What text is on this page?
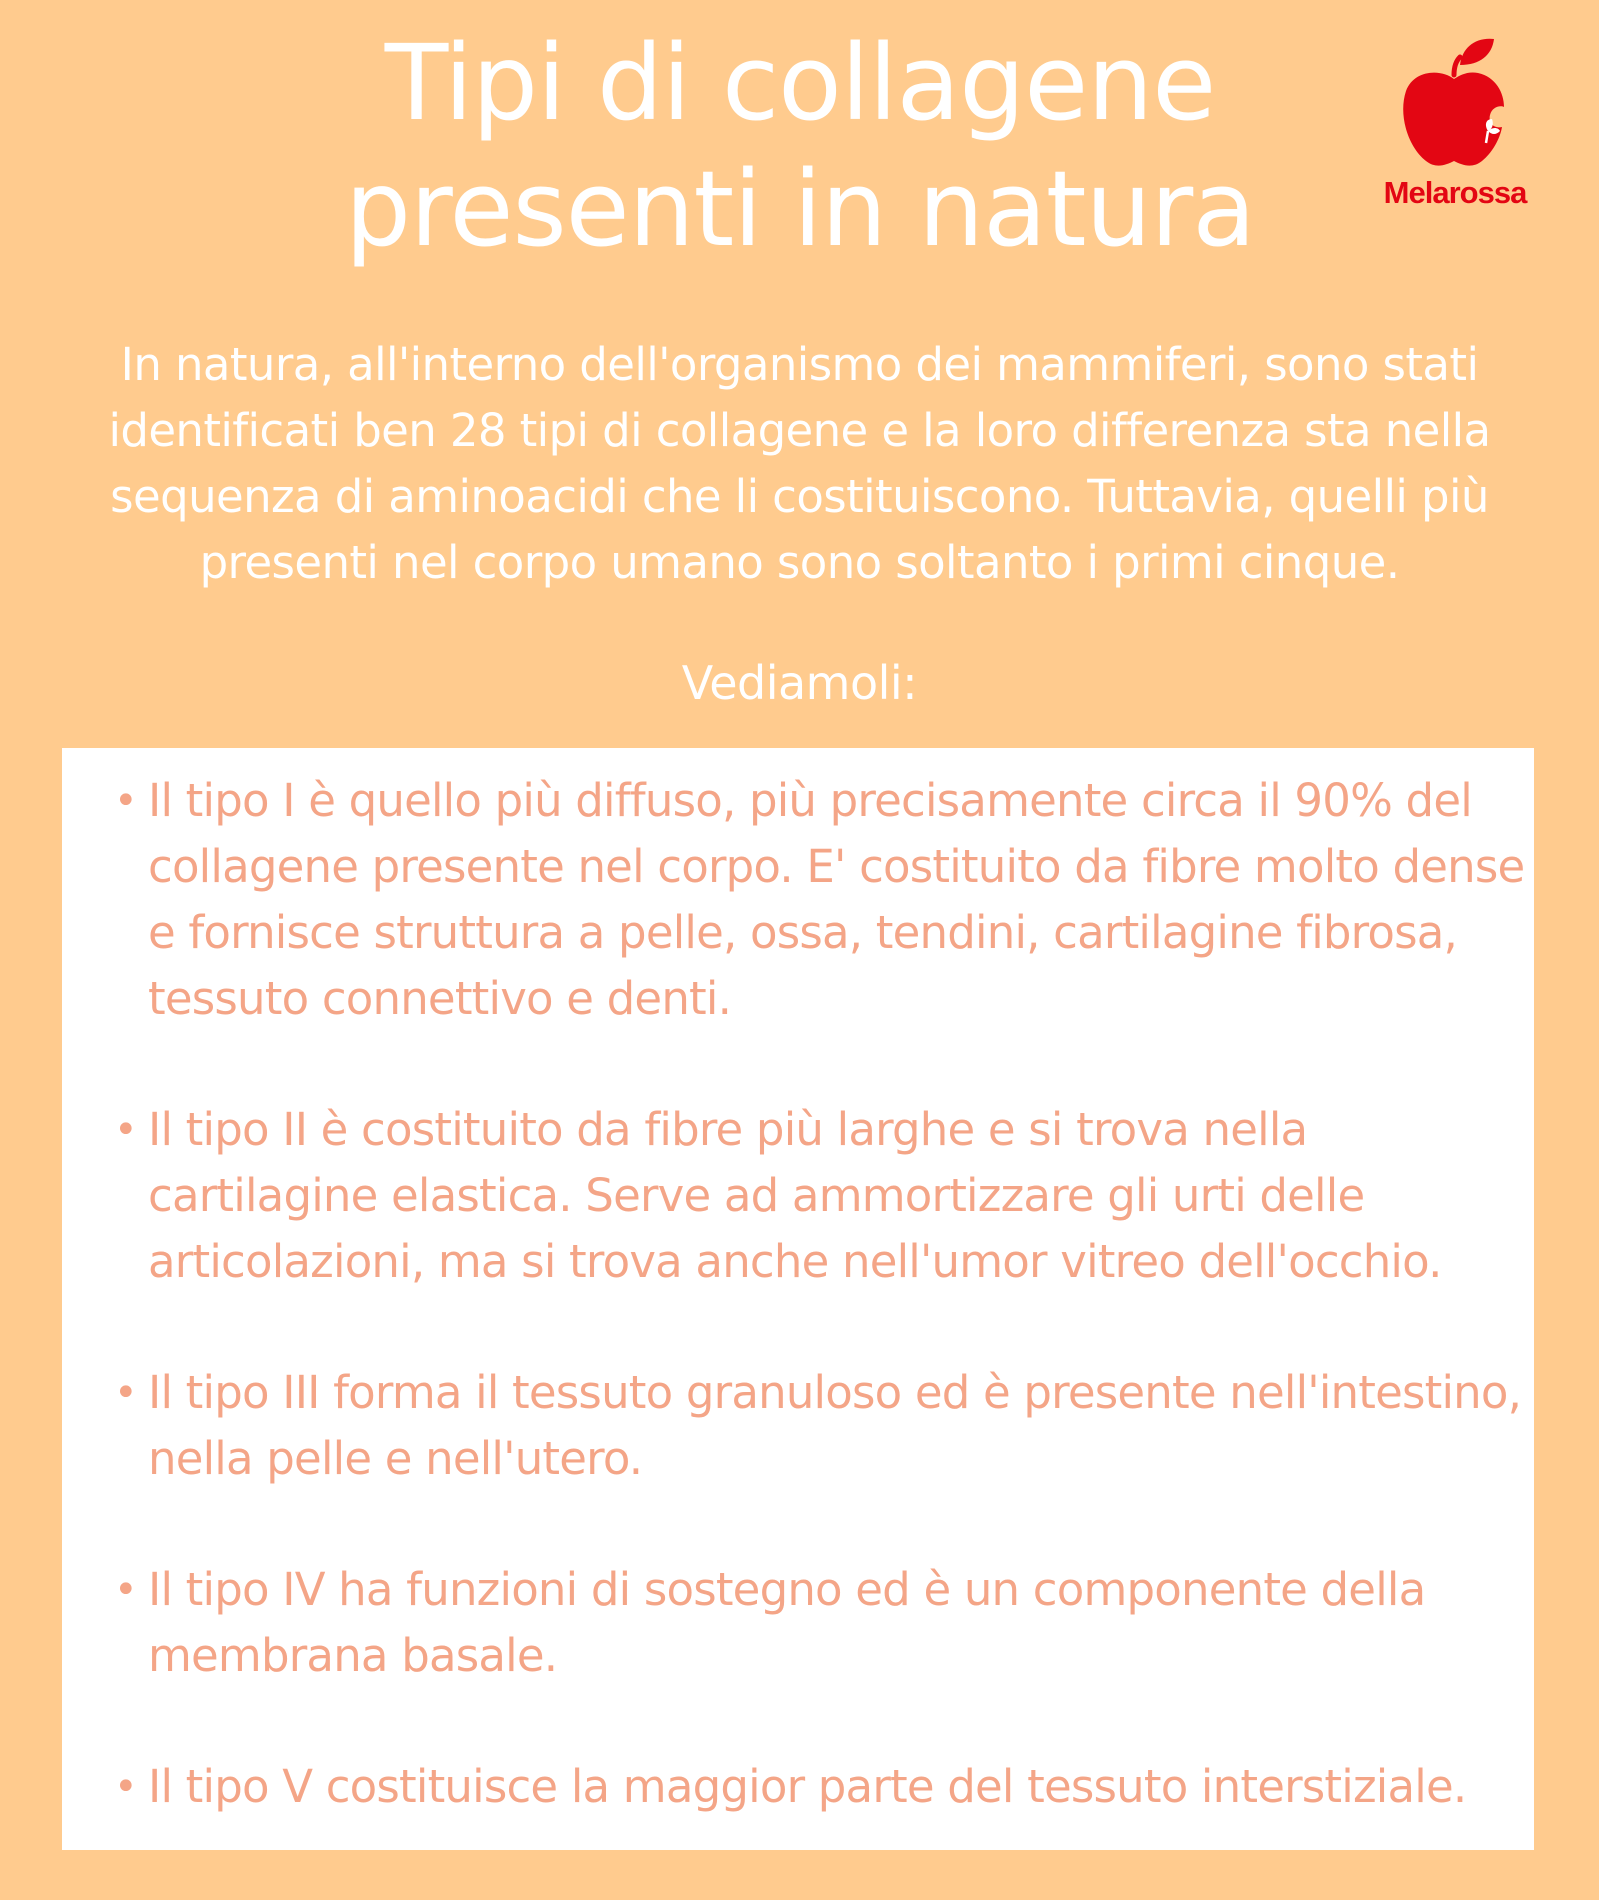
Tipi di collagene
presenti in natura	Melarossa
In natura, all'interno dell'organismo dei mammiferi, sono stati identificati ben 28 tipi di collagene e la loro differenza sta nella sequenza di aminoacidi che li costituiscono. Tuttavia, quelli più presenti nel corpo umano sono soltanto i primi cinque.
Vediamoli:
• Il tipo I è quello più diffuso, più precisamente circa il 90% del collagene presente nel corpo. E' costituito da fibre molto dense e fornisce struttura a pelle, ossa, tendini, cartilagine fibrosa, tessuto connettivo e denti.
• Il tipo II è costituito da fibre più larghe e si trova nella cartilagine elastica. Serve ad ammortizzare gli urti delle articolazioni, ma si trova anche nell'umor vitreo dell'occhio.
• Il tipo III forma il tessuto granuloso ed è presente nell'intestino, nella pelle e nell'utero.
• Il tipo IV ha funzioni di sostegno ed è un componente della membrana basale.
• Il tipo V costituisce la maggior parte del tessuto interstiziale.
